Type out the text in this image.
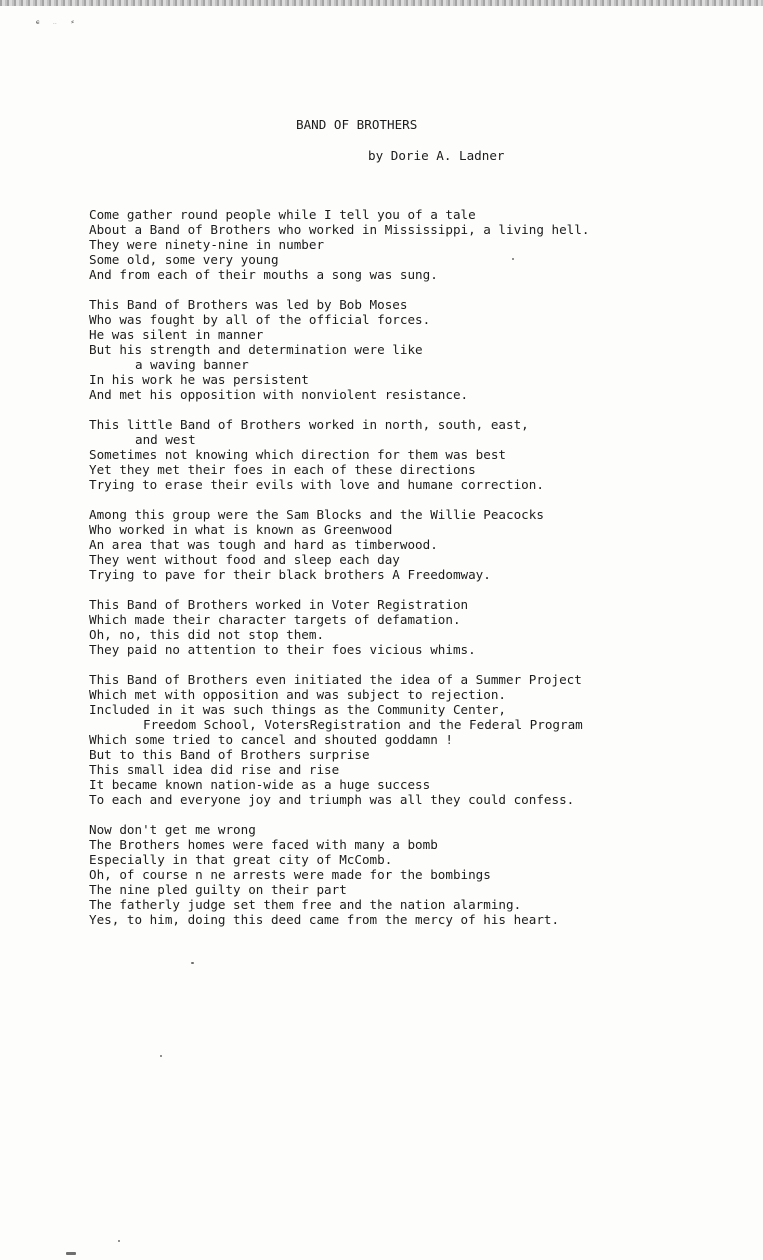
ⲉ ‥ ⸗
BAND OF BROTHERS
by Dorie A. Ladner
Come gather round people while I tell you of a tale
About a Band of Brothers who worked in Mississippi, a living hell.
They were ninety-nine in number
Some old, some very young
And from each of their mouths a song was sung.
This Band of Brothers was led by Bob Moses
Who was fought by all of the official forces.
He was silent in manner
But his strength and determination were like
a waving banner
In his work he was persistent
And met his opposition with nonviolent resistance.
This little Band of Brothers worked in north, south, east,
and west
Sometimes not knowing which direction for them was best
Yet they met their foes in each of these directions
Trying to erase their evils with love and humane correction.
Among this group were the Sam Blocks and the Willie Peacocks
Who worked in what is known as Greenwood
An area that was tough and hard as timberwood.
They went without food and sleep each day
Trying to pave for their black brothers A Freedomway.
This Band of Brothers worked in Voter Registration
Which made their character targets of defamation.
Oh, no, this did not stop them.
They paid no attention to their foes vicious whims.
This Band of Brothers even initiated the idea of a Summer Project
Which met with opposition and was subject to rejection.
Included in it was such things as the Community Center,
Freedom School, VotersRegistration and the Federal Program
Which some tried to cancel and shouted goddamn !
But to this Band of Brothers surprise
This small idea did rise and rise
It became known nation-wide as a huge success
To each and everyone joy and triumph was all they could confess.
Now don't get me wrong
The Brothers homes were faced with many a bomb
Especially in that great city of McComb.
Oh, of course n ne arrests were made for the bombings
The nine pled guilty on their part
The fatherly judge set them free and the nation alarming.
Yes, to him, doing this deed came from the mercy of his heart.
